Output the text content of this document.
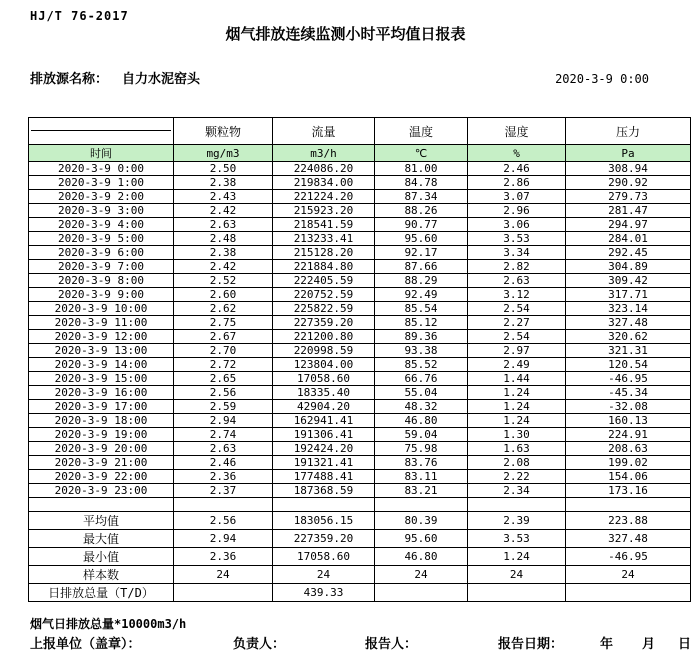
HJ/T 76-2017
烟气排放连续监测小时平均值日报表
排放源名称： 自力水泥窑头	2020-3-9 0:00
	颗粒物	流量	温度	湿度	压力
时间	mg/m3	m3/h	℃	%	Pa
2020-3-9 0:00	2.50	224086.20	81.00	2.46	308.94
2020-3-9 1:00	2.38	219834.00	84.78	2.86	290.92
2020-3-9 2:00	2.43	221224.20	87.34	3.07	279.73
2020-3-9 3:00	2.42	215923.20	88.26	2.96	281.47
2020-3-9 4:00	2.63	218541.59	90.77	3.06	294.97
2020-3-9 5:00	2.48	213233.41	95.60	3.53	284.01
2020-3-9 6:00	2.38	215128.20	92.17	3.34	292.45
2020-3-9 7:00	2.42	221884.80	87.66	2.82	304.89
2020-3-9 8:00	2.52	222405.59	88.29	2.63	309.42
2020-3-9 9:00	2.60	220752.59	92.49	3.12	317.71
2020-3-9 10:00	2.62	225822.59	85.54	2.54	323.14
2020-3-9 11:00	2.75	227359.20	85.12	2.27	327.48
2020-3-9 12:00	2.67	221200.80	89.36	2.54	320.62
2020-3-9 13:00	2.70	220998.59	93.38	2.97	321.31
2020-3-9 14:00	2.72	123804.00	85.52	2.49	120.54
2020-3-9 15:00	2.65	17058.60	66.76	1.44	-46.95
2020-3-9 16:00	2.56	18335.40	55.04	1.24	-45.34
2020-3-9 17:00	2.59	42904.20	48.32	1.24	-32.08
2020-3-9 18:00	2.94	162941.41	46.80	1.24	160.13
2020-3-9 19:00	2.74	191306.41	59.04	1.30	224.91
2020-3-9 20:00	2.63	192424.20	75.98	1.63	208.63
2020-3-9 21:00	2.46	191321.41	83.76	2.08	199.02
2020-3-9 22:00	2.36	177488.41	83.11	2.22	154.06
2020-3-9 23:00	2.37	187368.59	83.21	2.34	173.16

平均值	2.56	183056.15	80.39	2.39	223.88
最大值	2.94	227359.20	95.60	3.53	327.48
最小值	2.36	17058.60	46.80	1.24	-46.95
样本数	24	24	24	24	24
日排放总量（T/D）		439.33			
烟气日排放总量*10000m3/h
上报单位（盖章）：	负责人：	报告人：	报告日期：	年 月 日
